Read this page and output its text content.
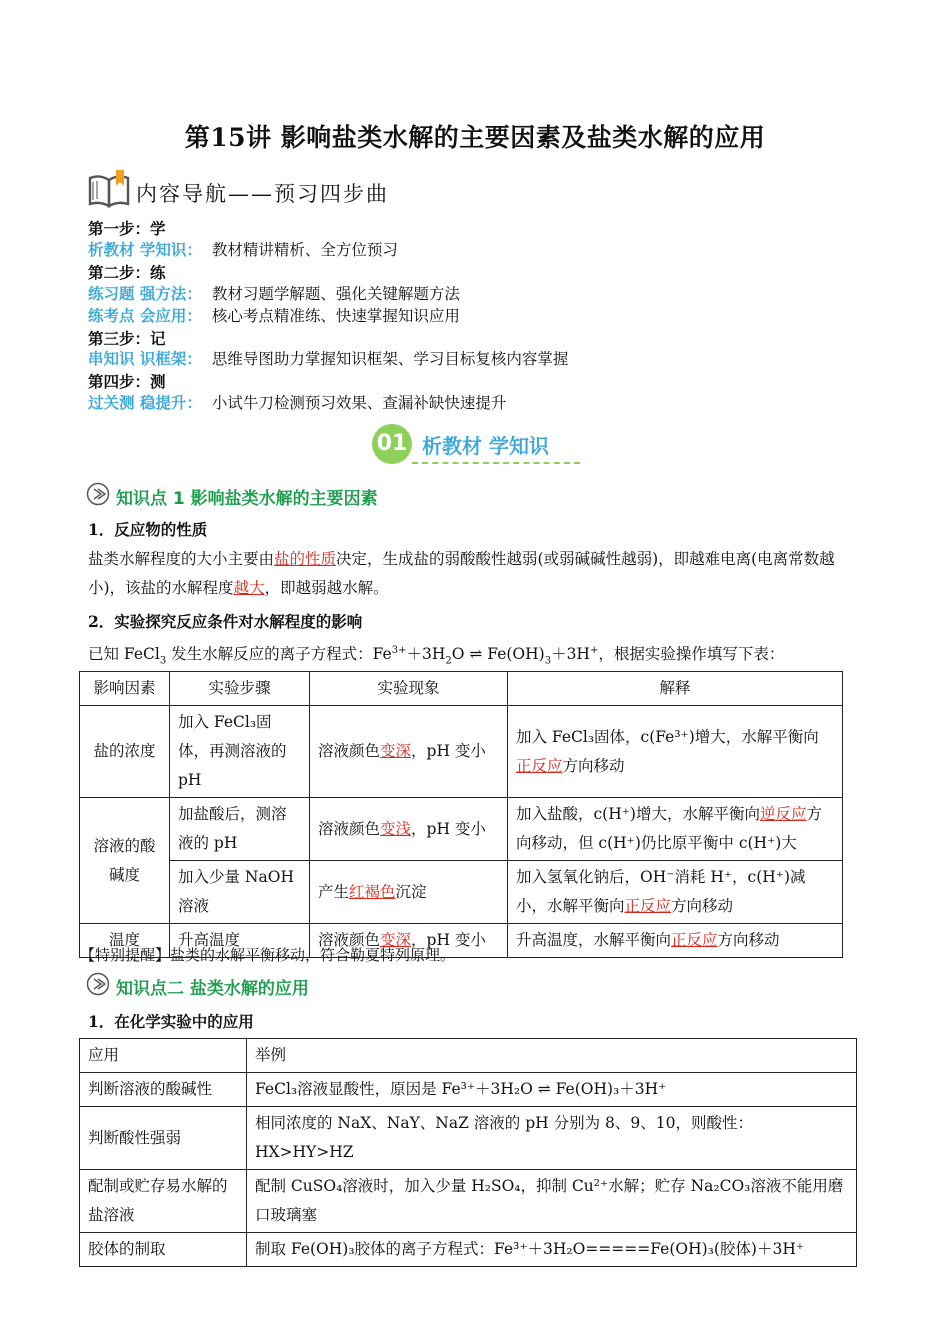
第15讲 影响盐类水解的主要因素及盐类水解的应用
内容导航——预习四步曲
第一步：学
析教材 学知识： 教材精讲精析、全方位预习
第二步：练
练习题 强方法： 教材习题学解题、强化关键解题方法
练考点 会应用： 核心考点精准练、快速掌握知识应用
第三步：记
串知识 识框架： 思维导图助力掌握知识框架、学习目标复核内容掌握
第四步：测
过关测 稳提升： 小试牛刀检测预习效果、查漏补缺快速提升
01 析教材 学知识
知识点 1 影响盐类水解的主要因素
1．反应物的性质
盐类水解程度的大小主要由盐的性质决定，生成盐的弱酸酸性越弱(或弱碱碱性越弱)，即越难电离(电离常数越小)，该盐的水解程度越大，即越弱越水解。
2．实验探究反应条件对水解程度的影响
已知 FeCl$_3$ 发生水解反应的离子方程式：$Fe^{3+}+3H_2O$ ⇌ $Fe(OH)_3+3H^+$，根据实验操作填写下表：
影响因素	实验步骤	实验现象	解释
盐的浓度	加入 FeCl₃固体，再测溶液的 pH	溶液颜色变深，pH 变小	加入 FeCl₃固体，c(Fe³⁺)增大，水解平衡向正反应方向移动
溶液的酸碱度	加盐酸后，测溶液的 pH	溶液颜色变浅，pH 变小	加入盐酸，c(H⁺)增大，水解平衡向逆反应方向移动，但 c(H⁺)仍比原平衡中 c(H⁺)大
	加入少量 NaOH 溶液	产生红褐色沉淀	加入氢氧化钠后，OH⁻消耗 H⁺，c(H⁺)减小，水解平衡向正反应方向移动
温度	升高温度	溶液颜色变深，pH 变小	升高温度，水解平衡向正反应方向移动
【特别提醒】盐类的水解平衡移动，符合勒夏特列原理。
知识点二 盐类水解的应用
1．在化学实验中的应用
应用	举例
判断溶液的酸碱性	FeCl₃溶液显酸性，原因是 Fe³⁺＋3H₂O ⇌ Fe(OH)₃＋3H⁺
判断酸性强弱	相同浓度的 NaX、NaY、NaZ 溶液的 pH 分别为 8、9、10，则酸性：HX>HY>HZ
配制或贮存易水解的盐溶液	配制 CuSO₄溶液时，加入少量 H₂SO₄，抑制 Cu²⁺水解；贮存 Na₂CO₃溶液不能用磨口玻璃塞
胶体的制取	制取 Fe(OH)₃胶体的离子方程式：Fe³⁺＋3H₂O=====Fe(OH)₃(胶体)＋3H⁺
